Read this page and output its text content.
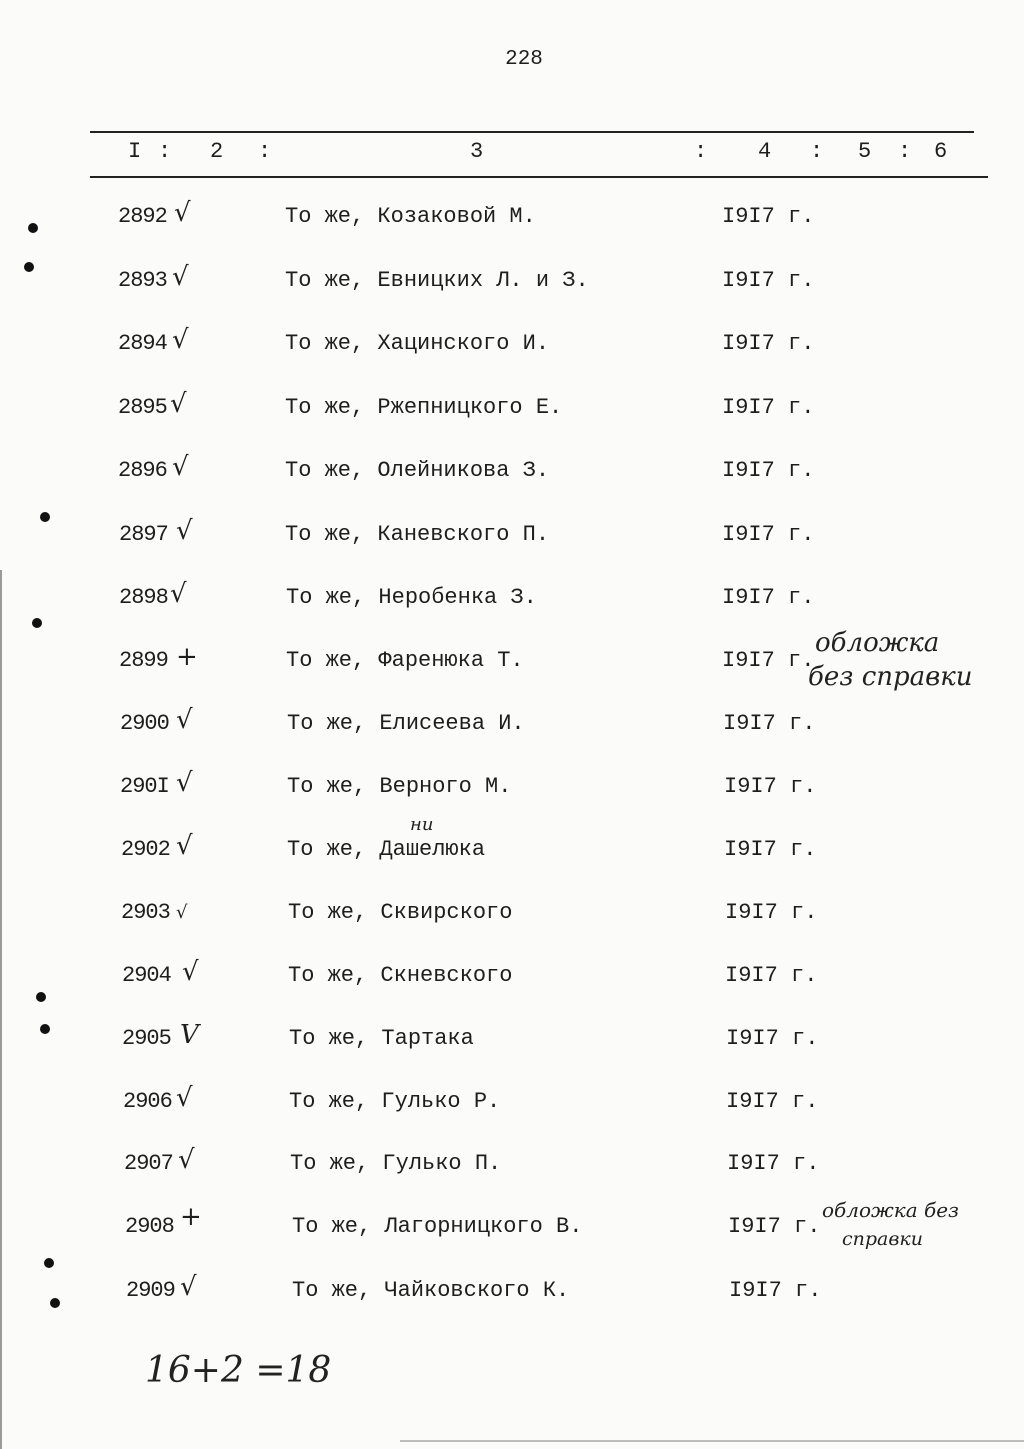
228
I : 2 :	3	: 4 : 5 : 6
2892 √	То же, Козаковой М.	I9I7 г.
2893 √	То же, Евницких Л. и З.	I9I7 г.
2894 √	То же, Хацинского И.	I9I7 г.
2895 √	То же, Ржепницкого Е.	I9I7 г.
2896 √	То же, Олейникова З.	I9I7 г.
2897 √	То же, Каневского П.	I9I7 г.
2898 √	То же, Неробенка З.	I9I7 г.
2899 +	То же, Фаренюка Т.	I9I7 г.
2900 √	То же, Елисеева И.	I9I7 г.
290I √	То же, Верного М.	I9I7 г.
2902 √	То же, Дашелюка	I9I7 г.
2903 √	То же, Сквирского	I9I7 г.
2904 √	То же, Скневского	I9I7 г.
2905 V	То же, Тартака	I9I7 г.
2906 √	То же, Гулько Р.	I9I7 г.
2907 √	То же, Гулько П.	I9I7 г.
2908 +	То же, Лагорницкого В.	I9I7 г.
2909 √	То же, Чайковского К.	I9I7 г.
обложка
без справки
ни
обложка без
справки
16+2 =18
